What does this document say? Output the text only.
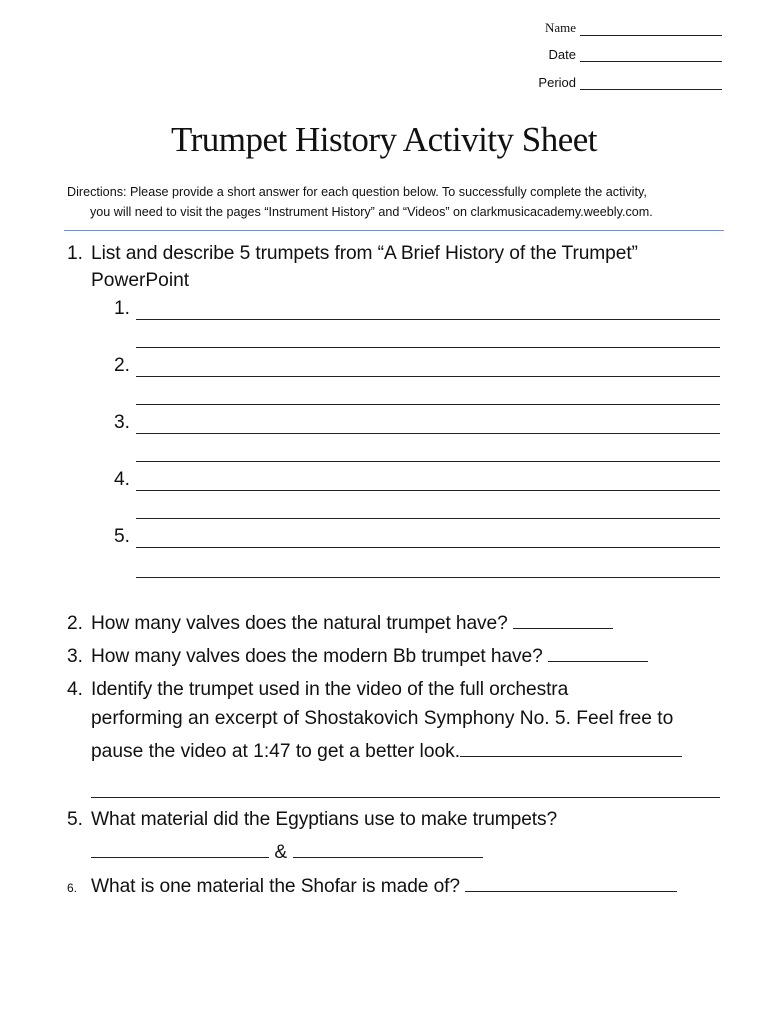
Name
Date
Period
Trumpet History Activity Sheet
Directions: Please provide a short answer for each question below. To successfully complete the activity,
you will need to visit the pages “Instrument History” and “Videos” on clarkmusicacademy.weebly.com.
1. List and describe 5 trumpets from “A Brief History of the Trumpet”
PowerPoint
1.
2.
3.
4.
5.
2. How many valves does the natural trumpet have?
3. How many valves does the modern Bb trumpet have?
4. Identify the trumpet used in the video of the full orchestra
performing an excerpt of Shostakovich Symphony No. 5. Feel free to
pause the video at 1:47 to get a better look.
5. What material did the Egyptians use to make trumpets?
&
6. What is one material the Shofar is made of?
